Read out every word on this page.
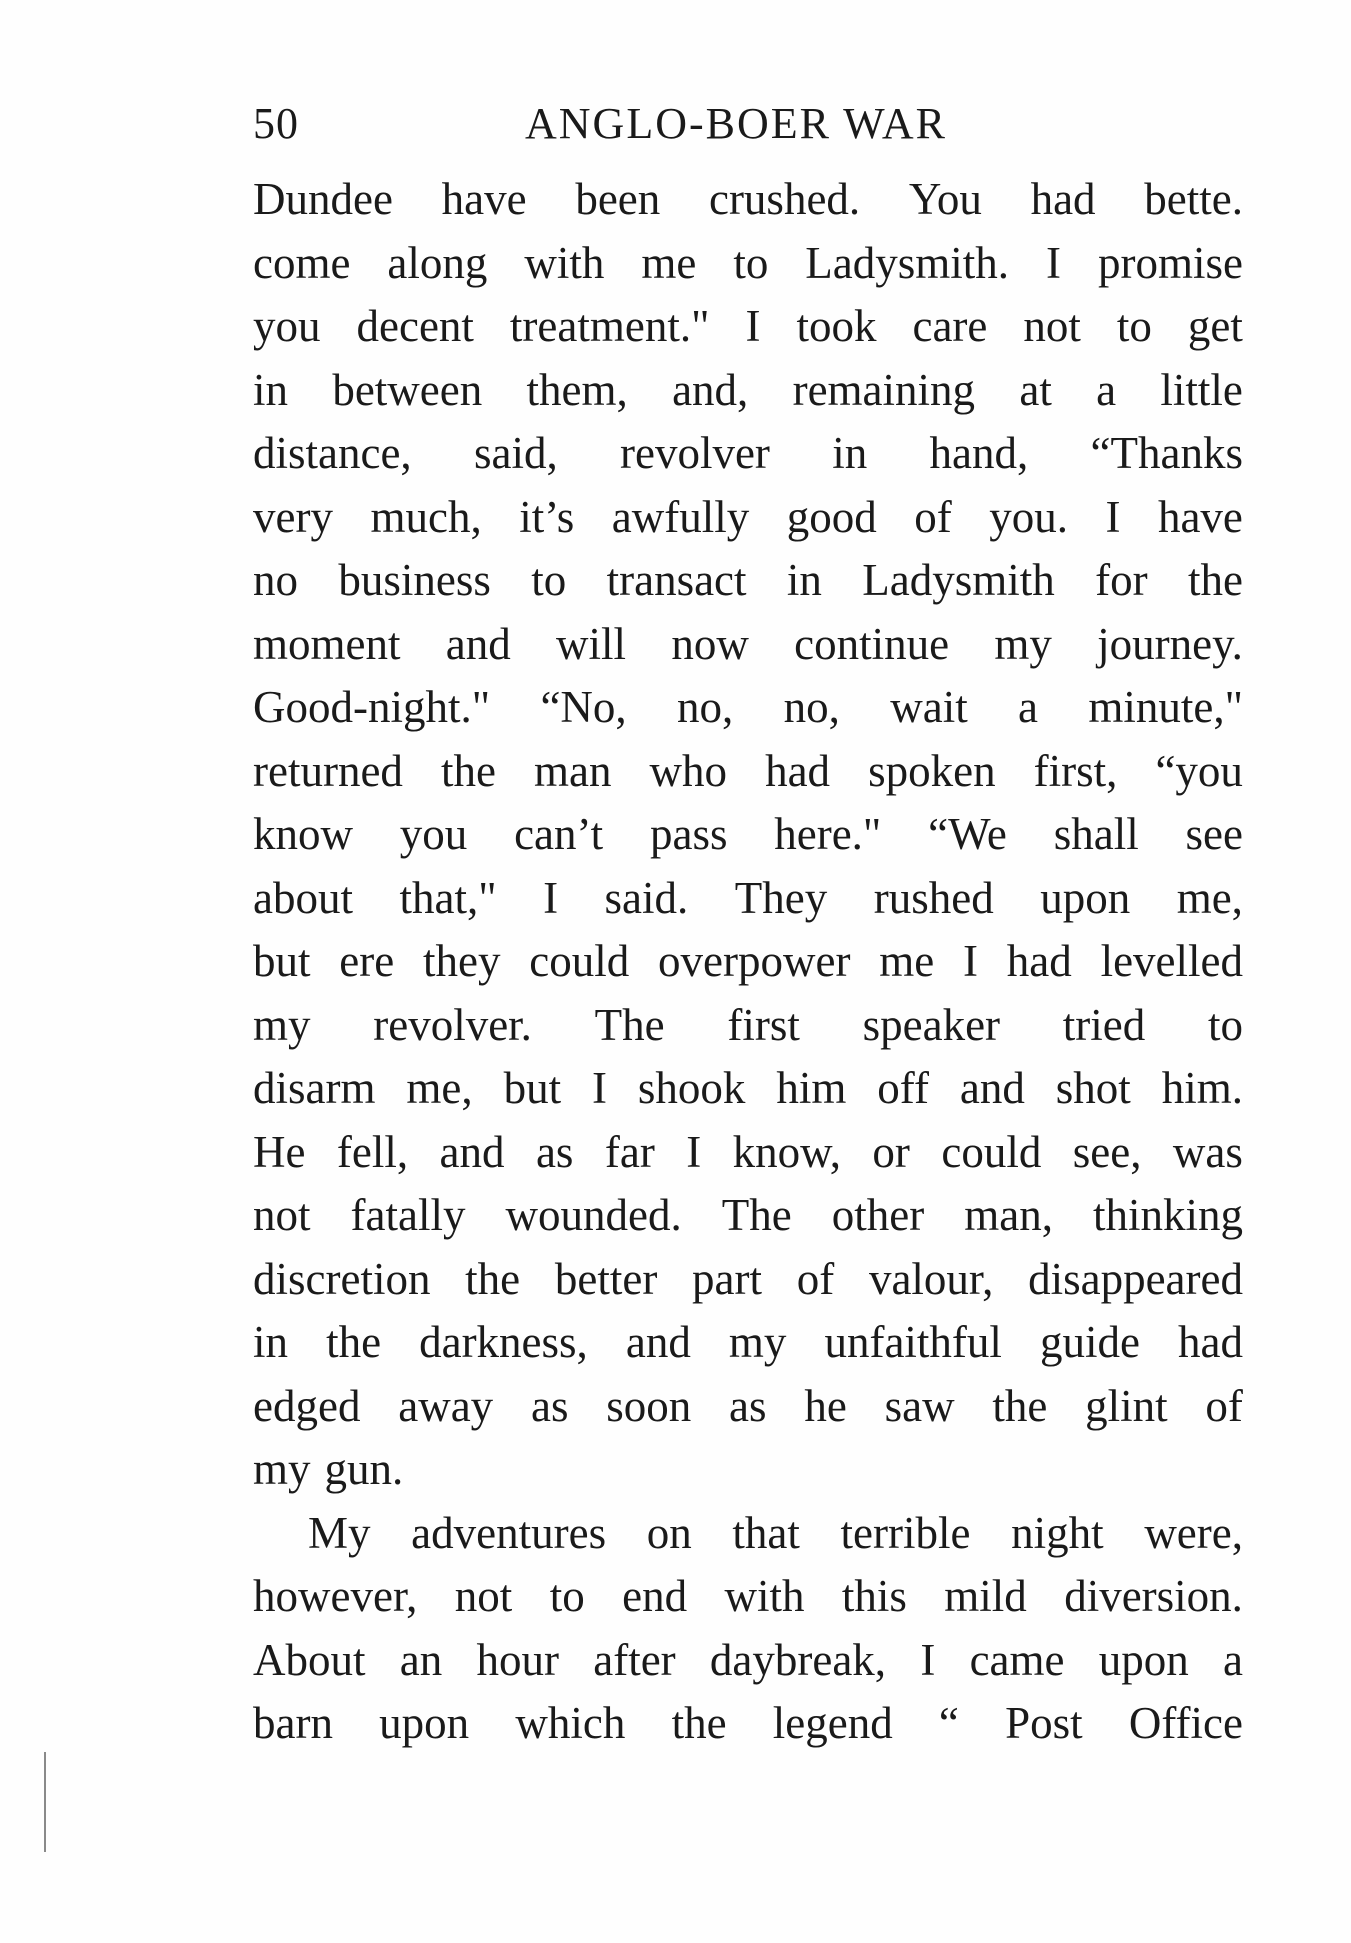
50	ANGLO-BOER WAR
Dundee have been crushed. You had bette.
come along with me to Ladysmith. I promise
you decent treatment." I took care not to get
in between them, and, remaining at a little
distance, said, revolver in hand, “Thanks
very much, it’s awfully good of you. I have
no business to transact in Ladysmith for the
moment and will now continue my journey.
Good-night." “No, no, no, wait a minute,"
returned the man who had spoken first, “you
know you can’t pass here." “We shall see
about that," I said. They rushed upon me,
but ere they could overpower me I had levelled
my revolver. The first speaker tried to
disarm me, but I shook him off and shot him.
He fell, and as far I know, or could see, was
not fatally wounded. The other man, thinking
discretion the better part of valour, disappeared
in the darkness, and my unfaithful guide had
edged away as soon as he saw the glint of
my gun.
My adventures on that terrible night were,
however, not to end with this mild diversion.
About an hour after daybreak, I came upon a
barn upon which the legend “ Post Office
